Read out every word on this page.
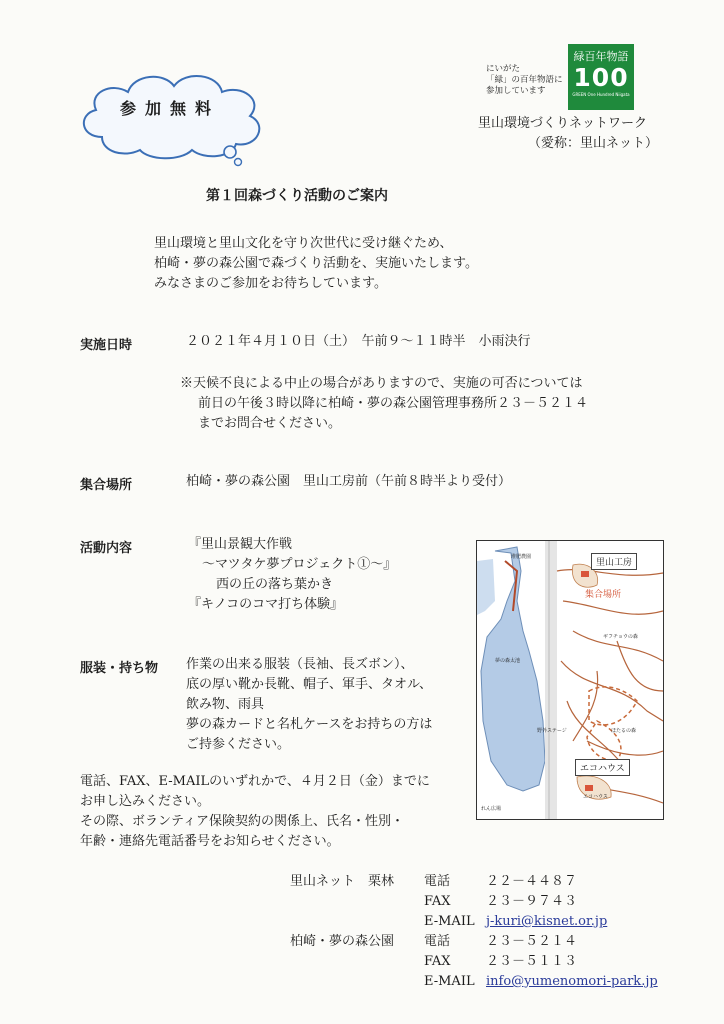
参加無料
にいがた
「緑」の百年物語に
参加しています
緑百年物語
100
GREEN One Hundred Niigata
里山環境づくりネットワーク
（愛称：里山ネット）
第１回森づくり活動のご案内
里山環境と里山文化を守り次世代に受け継ぐため、
柏崎・夢の森公園で森づくり活動を、実施いたします。
みなさまのご参加をお待ちしています。
実施日時	２０２１年４月１０日（土）　午前９～１１時半　小雨決行
※天候不良による中止の場合がありますので、実施の可否については
前日の午後３時以降に柏崎・夢の森公園管理事務所２３－５２１４
までお問合せください。
集合場所	柏崎・夢の森公園　里山工房前（午前８時半より受付）
活動内容	『里山景観大作戦
～マツタケ夢プロジェクト①～』
西の丘の落ち葉かき
『キノコのコマ打ち体験』
服装・持ち物 作業の出来る服装（長袖、長ズボン）、
底の厚い靴か長靴、帽子、軍手、タオル、
飲み物、雨具
夢の森カードと名札ケースをお持ちの方は
ご持参ください。
里山工房
集合場所
エコハウス
堆肥農園
夢の森太池
ギフチョウの森
野外ステージ	ほたるの森
エコハウス
れん広場
電話、FAX、E-MAILのいずれかで、４月２日（金）までに
お申し込みください。
その際、ボランティア保険契約の関係上、氏名・性別・
年齢・連絡先電話番号をお知らせください。
里山ネット　栗林 電話	２２－４４８７
FAX	２３－９７４３
E-MAIL j-kuri@kisnet.or.jp
柏崎・夢の森公園 電話	２３－５２１４
FAX	２３－５１１３
E-MAIL info@yumenomori-park.jp
